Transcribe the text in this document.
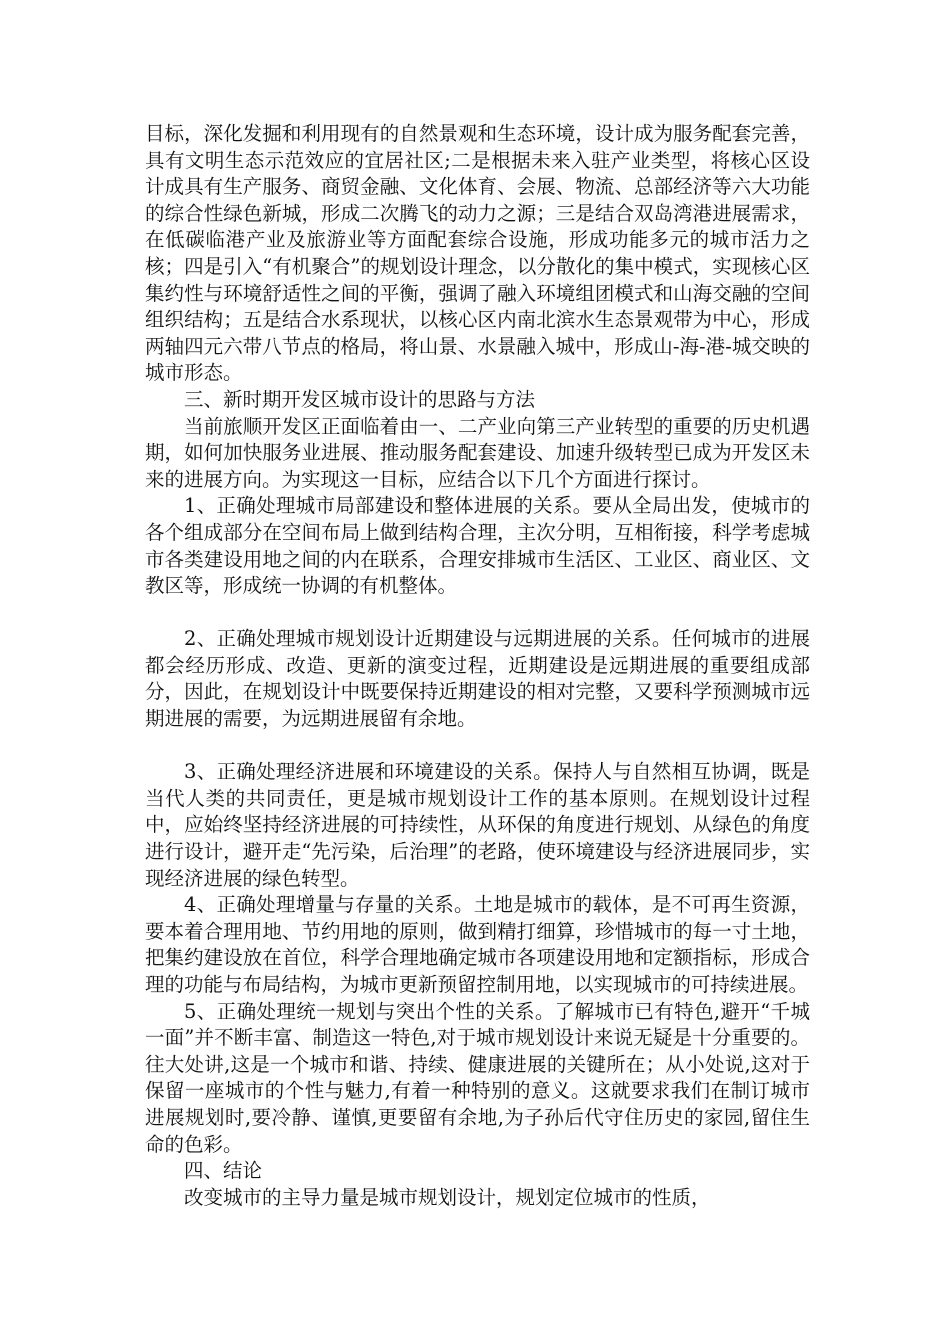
目标，深化发掘和利用现有的自然景观和生态环境，设计成为服务配套完善，具有文明生态示范效应的宜居社区;二是根据未来入驻产业类型，将核心区设计成具有生产服务、商贸金融、文化体育、会展、物流、总部经济等六大功能的综合性绿色新城，形成二次腾飞的动力之源；三是结合双岛湾港进展需求，在低碳临港产业及旅游业等方面配套综合设施，形成功能多元的城市活力之核；四是引入“有机聚合”的规划设计理念，以分散化的集中模式，实现核心区集约性与环境舒适性之间的平衡，强调了融入环境组团模式和山海交融的空间组织结构；五是结合水系现状，以核心区内南北滨水生态景观带为中心，形成两轴四元六带八节点的格局，将山景、水景融入城中，形成山-海-港-城交映的城市形态。

三、新时期开发区城市设计的思路与方法

当前旅顺开发区正面临着由一、二产业向第三产业转型的重要的历史机遇期，如何加快服务业进展、推动服务配套建设、加速升级转型已成为开发区未来的进展方向。为实现这一目标，应结合以下几个方面进行探讨。

1、正确处理城市局部建设和整体进展的关系。要从全局出发，使城市的各个组成部分在空间布局上做到结构合理，主次分明，互相衔接，科学考虑城市各类建设用地之间的内在联系，合理安排城市生活区、工业区、商业区、文教区等，形成统一协调的有机整体。

2、正确处理城市规划设计近期建设与远期进展的关系。任何城市的进展都会经历形成、改造、更新的演变过程，近期建设是远期进展的重要组成部分，因此，在规划设计中既要保持近期建设的相对完整，又要科学预测城市远期进展的需要，为远期进展留有余地。

3、正确处理经济进展和环境建设的关系。保持人与自然相互协调，既是当代人类的共同责任，更是城市规划设计工作的基本原则。在规划设计过程中，应始终坚持经济进展的可持续性，从环保的角度进行规划、从绿色的角度进行设计，避开走“先污染，后治理”的老路，使环境建设与经济进展同步，实现经济进展的绿色转型。

4、正确处理增量与存量的关系。土地是城市的载体，是不可再生资源，要本着合理用地、节约用地的原则，做到精打细算，珍惜城市的每一寸土地，把集约建设放在首位，科学合理地确定城市各项建设用地和定额指标，形成合理的功能与布局结构，为城市更新预留控制用地，以实现城市的可持续进展。

5、正确处理统一规划与突出个性的关系。了解城市已有特色,避开“千城一面”并不断丰富、制造这一特色,对于城市规划设计来说无疑是十分重要的。往大处讲,这是一个城市和谐、持续、健康进展的关键所在；从小处说,这对于保留一座城市的个性与魅力,有着一种特别的意义。这就要求我们在制订城市进展规划时,要冷静、谨慎,更要留有余地,为子孙后代守住历史的家园,留住生命的色彩。

四、结论

改变城市的主导力量是城市规划设计，规划定位城市的性质，
